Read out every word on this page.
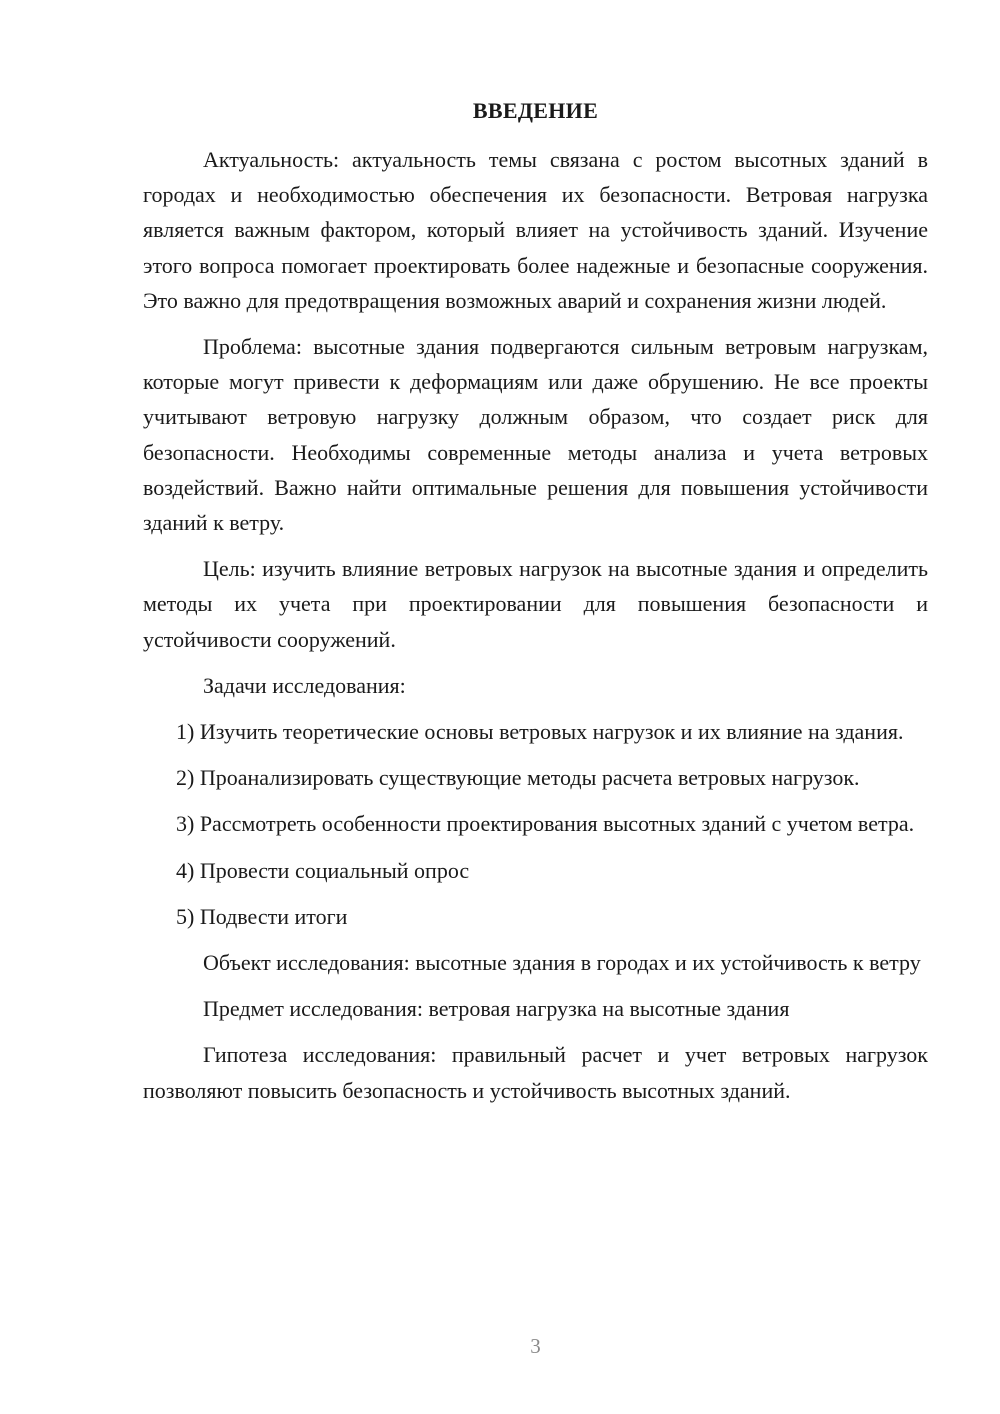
ВВЕДЕНИЕ

Актуальность: актуальность темы связана с ростом высотных зданий в городах и необходимостью обеспечения их безопасности. Ветровая нагрузка является важным фактором, который влияет на устойчивость зданий. Изучение этого вопроса помогает проектировать более надежные и безопасные сооружения. Это важно для предотвращения возможных аварий и сохранения жизни людей.

Проблема: высотные здания подвергаются сильным ветровым нагрузкам, которые могут привести к деформациям или даже обрушению. Не все проекты учитывают ветровую нагрузку должным образом, что создает риск для безопасности. Необходимы современные методы анализа и учета ветровых воздействий. Важно найти оптимальные решения для повышения устойчивости зданий к ветру.

Цель: изучить влияние ветровых нагрузок на высотные здания и определить методы их учета при проектировании для повышения безопасности и устойчивости сооружений.

Задачи исследования:

1) Изучить теоретические основы ветровых нагрузок и их влияние на здания.

2) Проанализировать существующие методы расчета ветровых нагрузок.

3) Рассмотреть особенности проектирования высотных зданий с учетом ветра.

4) Провести социальный опрос

5) Подвести итоги

Объект исследования: высотные здания в городах и их устойчивость к ветру

Предмет исследования: ветровая нагрузка на высотные здания

Гипотеза исследования: правильный расчет и учет ветровых нагрузок позволяют повысить безопасность и устойчивость высотных зданий.

3
